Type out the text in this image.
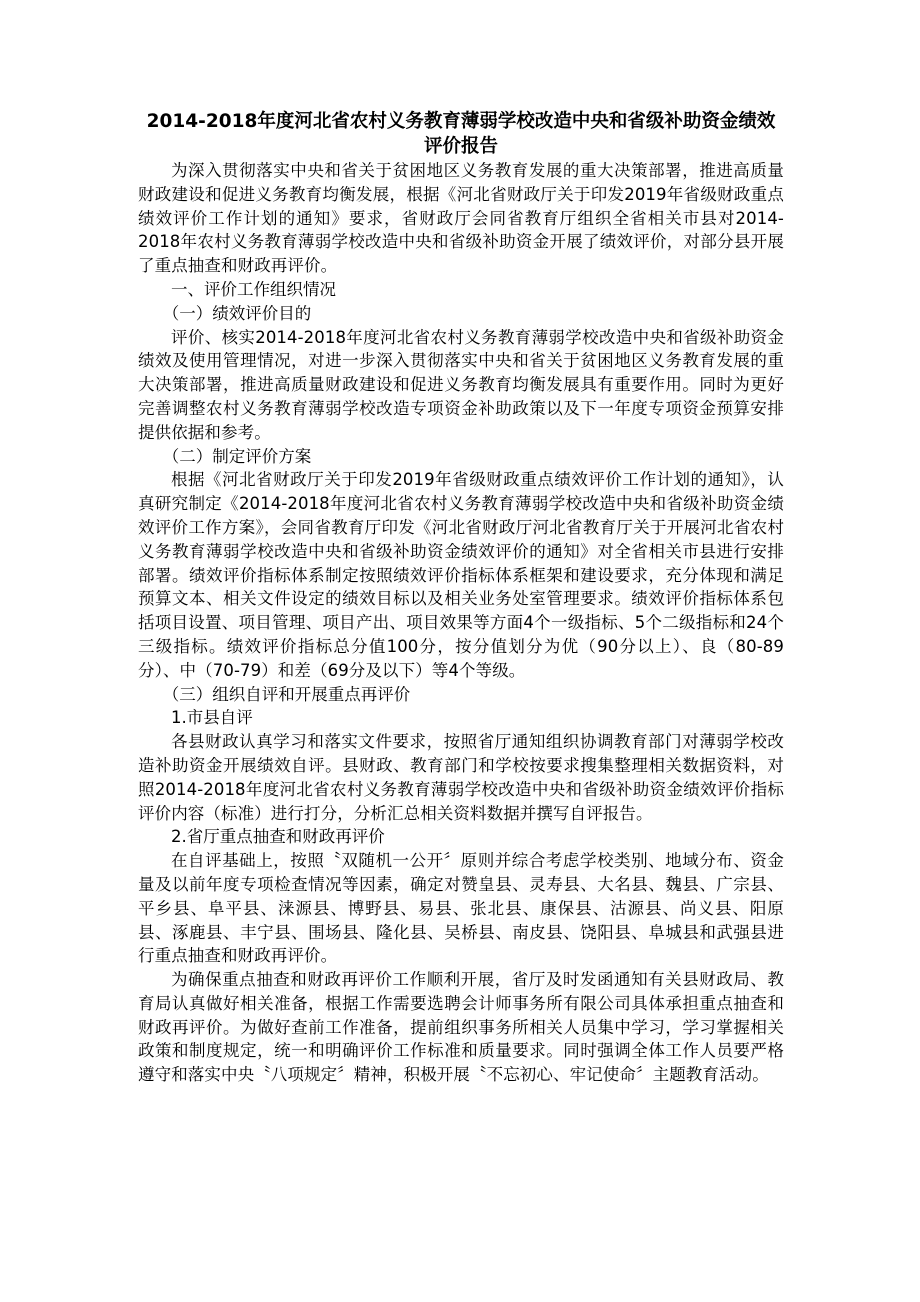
2014-2018年度河北省农村义务教育薄弱学校改造中央和省级补助资金绩效评价报告

为深入贯彻落实中央和省关于贫困地区义务教育发展的重大决策部署，推进高质量财政建设和促进义务教育均衡发展，根据《河北省财政厅关于印发2019年省级财政重点绩效评价工作计划的通知》要求，省财政厅会同省教育厅组织全省相关市县对2014-2018年农村义务教育薄弱学校改造中央和省级补助资金开展了绩效评价，对部分县开展了重点抽查和财政再评价。

一、评价工作组织情况

（一）绩效评价目的

评价、核实2014-2018年度河北省农村义务教育薄弱学校改造中央和省级补助资金绩效及使用管理情况，对进一步深入贯彻落实中央和省关于贫困地区义务教育发展的重大决策部署，推进高质量财政建设和促进义务教育均衡发展具有重要作用。同时为更好完善调整农村义务教育薄弱学校改造专项资金补助政策以及下一年度专项资金预算安排提供依据和参考。

（二）制定评价方案

根据《河北省财政厅关于印发2019年省级财政重点绩效评价工作计划的通知》，认真研究制定《2014-2018年度河北省农村义务教育薄弱学校改造中央和省级补助资金绩效评价工作方案》，会同省教育厅印发《河北省财政厅河北省教育厅关于开展河北省农村义务教育薄弱学校改造中央和省级补助资金绩效评价的通知》对全省相关市县进行安排部署。绩效评价指标体系制定按照绩效评价指标体系框架和建设要求，充分体现和满足预算文本、相关文件设定的绩效目标以及相关业务处室管理要求。绩效评价指标体系包括项目设置、项目管理、项目产出、项目效果等方面4个一级指标、5个二级指标和24个三级指标。绩效评价指标总分值100分，按分值划分为优（90分以上）、良（80-89分）、中（70-79）和差（69分及以下）等4个等级。

（三）组织自评和开展重点再评价

1.市县自评

各县财政认真学习和落实文件要求，按照省厅通知组织协调教育部门对薄弱学校改造补助资金开展绩效自评。县财政、教育部门和学校按要求搜集整理相关数据资料，对照2014-2018年度河北省农村义务教育薄弱学校改造中央和省级补助资金绩效评价指标评价内容（标准）进行打分，分析汇总相关资料数据并撰写自评报告。

2.省厅重点抽查和财政再评价

在自评基础上，按照〝双随机一公开〞原则并综合考虑学校类别、地域分布、资金量及以前年度专项检查情况等因素，确定对赞皇县、灵寿县、大名县、魏县、广宗县、平乡县、阜平县、涞源县、博野县、易县、张北县、康保县、沽源县、尚义县、阳原县、涿鹿县、丰宁县、围场县、隆化县、吴桥县、南皮县、饶阳县、阜城县和武强县进行重点抽查和财政再评价。

为确保重点抽查和财政再评价工作顺利开展，省厅及时发函通知有关县财政局、教育局认真做好相关准备，根据工作需要选聘会计师事务所有限公司具体承担重点抽查和财政再评价。为做好查前工作准备，提前组织事务所相关人员集中学习，学习掌握相关政策和制度规定，统一和明确评价工作标准和质量要求。同时强调全体工作人员要严格遵守和落实中央〝八项规定〞精神，积极开展〝不忘初心、牢记使命〞主题教育活动。
